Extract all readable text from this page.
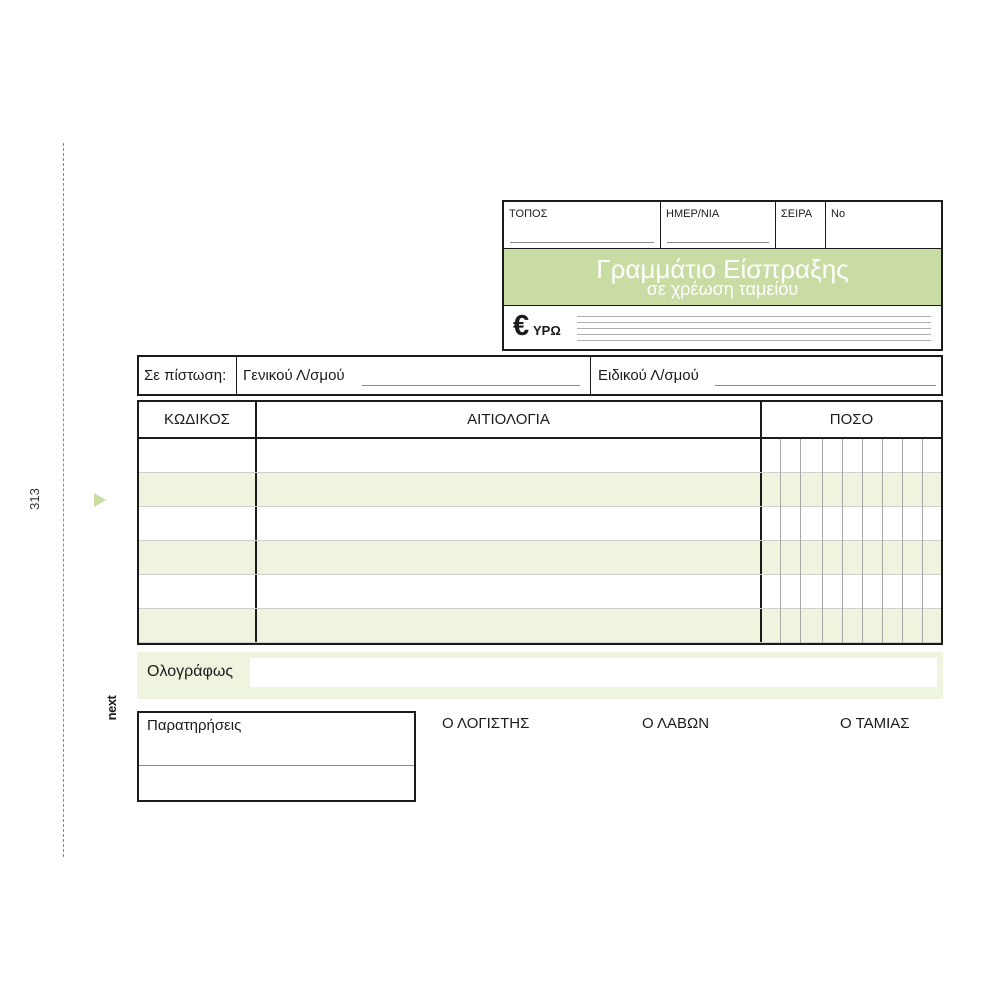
313
next
ΤΟΠΟΣ	ΗΜΕΡ/ΝΙΑ	ΣΕΙΡΑ Νο
Γραμμάτιο Είσπραξης
σε χρέωση ταμείου
€ ΥΡΩ
Σε πίστωση:	Γενικού Λ/σμού	Ειδικού Λ/σμού
ΚΩΔΙΚΟΣ	ΑΙΤΙΟΛΟΓΙΑ	ΠΟΣΟ
Ολογράφως
Παρατηρήσεις	Ο ΛΟΓΙΣΤΗΣ	Ο ΛΑΒΩΝ	Ο ΤΑΜΙΑΣ
